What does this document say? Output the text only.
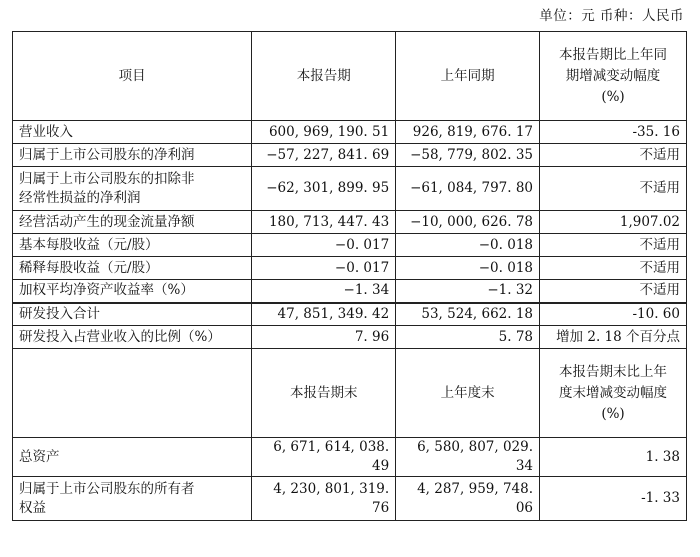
单位：元 币种：人民币
项目	本报告期	上年同期	本报告期比上年同
期增减变动幅度
(%)

营业收入	600, 969, 190. 51	926, 819, 676. 17	-35. 16
归属于上市公司股东的净利润	−57, 227, 841. 69	−58, 779, 802. 35	不适用

归属于上市公司股东的扣除非
经常性损益的净利润	−62, 301, 899. 95	−61, 084, 797. 80	不适用
经营活动产生的现金流量净额	180, 713, 447. 43	−10, 000, 626. 78	1,907.02
基本每股收益（元/股）	−0. 017	−0. 018	不适用
稀释每股收益（元/股）	−0. 017	−0. 018	不适用
加权平均净资产收益率（%）	−1. 34	−1. 32	不适用
研发投入合计	47, 851, 349. 42	53, 524, 662. 18	-10. 60
研发投入占营业收入的比例（%）	7. 96	5. 78	增加 2. 18 个百分点
	本报告期末	上年度末	本报告期末比上年
度末增减变动幅度
(%)

总资产	6, 671, 614, 038. 49	6, 580, 807, 029. 34	1. 38

归属于上市公司股东的所有者
权益	4, 230, 801, 319. 76	4, 287, 959, 748. 06	-1. 33
